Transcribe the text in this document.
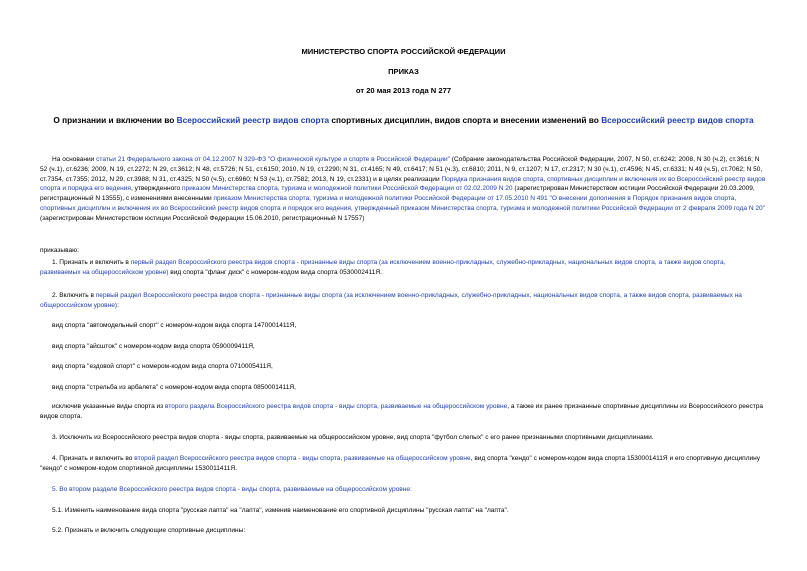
МИНИСТЕРСТВО СПОРТА РОССИЙСКОЙ ФЕДЕРАЦИИ
ПРИКАЗ
от 20 мая 2013 года N 277
О признании и включении во Всероссийский реестр видов спорта спортивных дисциплин, видов спорта и внесении изменений во Всероссийский реестр видов спорта
На основании статьи 21 Федерального закона от 04.12.2007 N 329-ФЗ "О физической культуре и спорте в Российской Федерации" (Собрание законодательства Российской Федерации, 2007, N 50, ст.6242; 2008, N 30 (ч.2), ст.3616; N 52 (ч.1), ст.6236; 2009, N 19, ст.2272; N 29, ст.3612; N 48, ст.5726; N 51, ст.6150; 2010, N 19, ст.2290; N 31, ст.4165; N 49, ст.6417; N 51 (ч.3), ст.6810; 2011, N 9, ст.1207; N 17, ст.2317; N 30 (ч.1), ст.4596; N 45, ст.6331; N 49 (ч.5), ст.7062; N 50, ст.7354, ст.7355; 2012, N 29, ст.3988; N 31, ст.4325; N 50 (ч.5), ст.6960; N 53 (ч.1), ст.7582; 2013, N 19, ст.2331) и в целях реализации Порядка признания видов спорта, спортивных дисциплин и включения их во Всероссийский реестр видов спорта и порядка его ведения, утвержденного приказом Министерства спорта, туризма и молодежной политики Российской Федерации от 02.02.2009 N 20 (зарегистрирован Министерством юстиции Российской Федерации 20.03.2009, регистрационный N 13555), с изменениями внесенными приказом Министерства спорта, туризма и молодежной политики Российской Федерации от 17.05.2010 N 491 "О внесении дополнения в Порядок признания видов спорта, спортивных дисциплин и включения их во Всероссийский реестр видов спорта и порядок его ведения, утвержденный приказом Министерства спорта, туризма и молодежной политики Российской Федерации от 2 февраля 2009 года N 20" (зарегистрирован Министерством юстиции Российской Федерации 15.06.2010, регистрационный N 17557)
приказываю:
1. Признать и включить в первый раздел Всероссийского реестра видов спорта - признанные виды спорта (за исключением военно-прикладных, служебно-прикладных, национальных видов спорта, а также видов спорта, развиваемых на общероссийском уровне) вид спорта "фланг диск" с номером-кодом вида спорта 0530002411Я.
2. Включить в первый раздел Всероссийского реестра видов спорта - признанные виды спорта (за исключением военно-прикладных, служебно-прикладных, национальных видов спорта, а также видов спорта, развиваемых на общероссийском уровне):
вид спорта "автомодельный спорт" с номером-кодом вида спорта 1470001411Я,
вид спорта "айсшток" с номером-кодом вида спорта 0590009411Я,
вид спорта "ездовой спорт" с номером-кодом вида спорта 0710005411Я,
вид спорта "стрельба из арбалета" с номером-кодом вида спорта 0850001411Я,
исключив указанные виды спорта из второго раздела Всероссийского реестра видов спорта - виды спорта, развиваемые на общероссийском уровне, а также их ранее признанные спортивные дисциплины из Всероссийского реестра видов спорта.
3. Исключить из Всероссийского реестра видов спорта - виды спорта, развиваемые на общероссийском уровне, вид спорта "футбол слепых" с его ранее признанными спортивными дисциплинами.
4. Признать и включить во второй раздел Всероссийского реестра видов спорта - виды спорта, развиваемые на общероссийском уровне, вид спорта "кендо" с номером-кодом вида спорта 1530001411Я и его спортивную дисциплину "кендо" с номером-кодом спортивной дисциплины 1530011411Я.
5. Во втором разделе Всероссийского реестра видов спорта - виды спорта, развиваемые на общероссийском уровне:
5.1. Изменить наименование вида спорта "русская лапта" на "лапта", изменив наименование его спортивной дисциплины "русская лапта" на "лапта".
5.2. Признать и включить следующие спортивные дисциплины:
